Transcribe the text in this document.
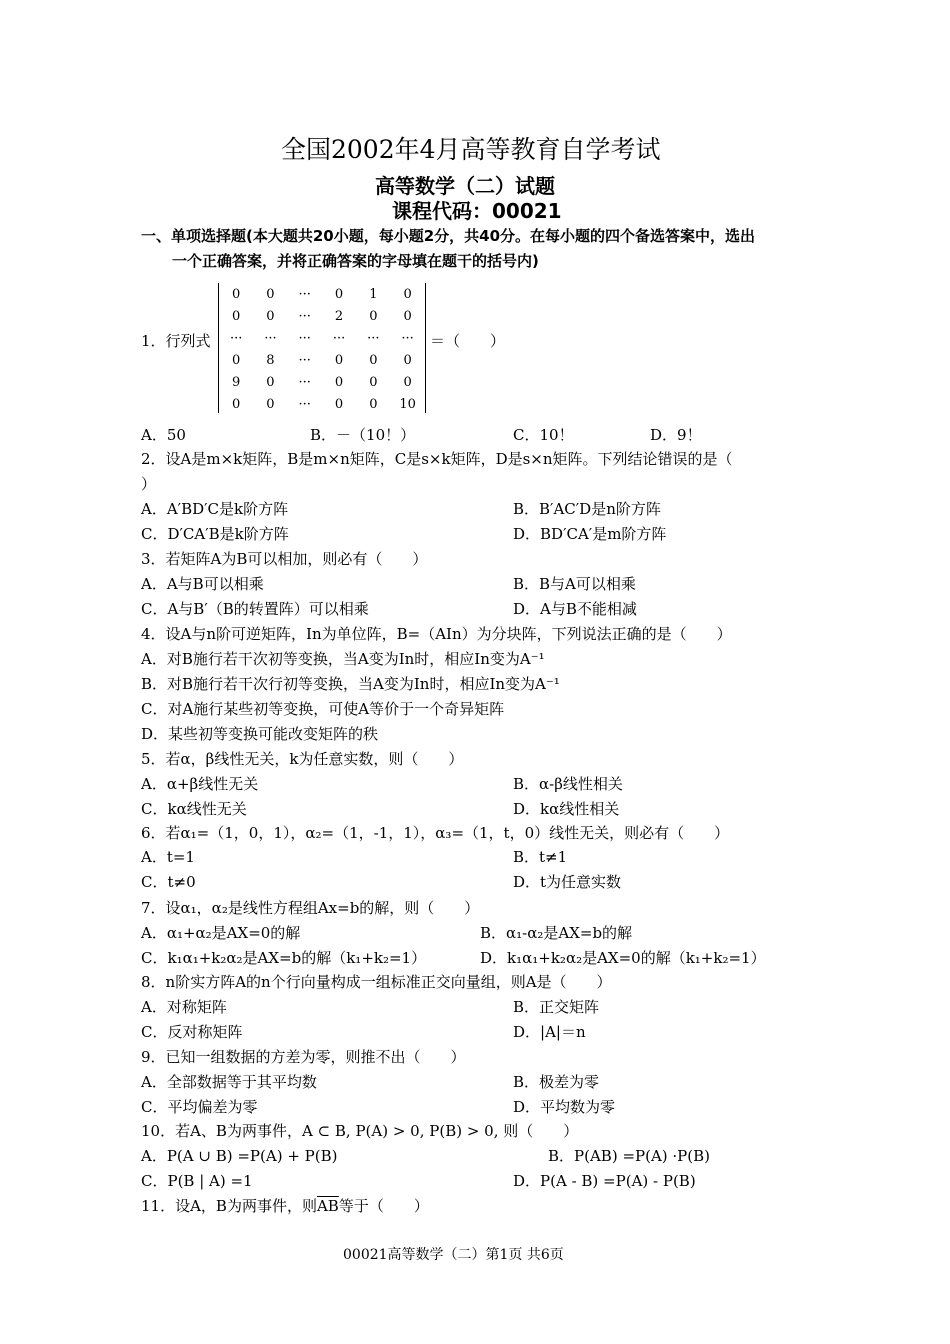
全国2002年4月高等教育自学考试
高等数学（二）试题
课程代码：00021
一、单项选择题(本大题共20小题，每小题2分，共40分。在每小题的四个备选答案中，选出
一个正确答案，并将正确答案的字母填在题干的括号内)
1．行列式
0	0	···	0	1	0
0	0	···	2	0	0
···	···	···	···	···	···
0	8	···	0	0	0
9	0	···	0	0	0
0	0	···	0	0	10
＝（　　）
A．50	B．－（10！）	C．10！	D．9！
2．设A是m×k矩阵，B是m×n矩阵，C是s×k矩阵，D是s×n矩阵。下列结论错误的是（
）
A．A′BD′C是k阶方阵	B．B′AC′D是n阶方阵
C．D′CA′B是k阶方阵	D．BD′CA′是m阶方阵
3．若矩阵A为B可以相加，则必有（　　）
A．A与B可以相乘	B．B与A可以相乘
C．A与B′（B的转置阵）可以相乘	D．A与B不能相减
4．设A与n阶可逆矩阵，In为单位阵，B=（AIn）为分块阵，下列说法正确的是（　　）
A．对B施行若干次初等变换，当A变为In时，相应In变为A⁻¹
B．对B施行若干次行初等变换，当A变为In时，相应In变为A⁻¹
C．对A施行某些初等变换，可使A等价于一个奇异矩阵
D．某些初等变换可能改变矩阵的秩
5．若α，β线性无关，k为任意实数，则（　　）
A．α+β线性无关	B．α-β线性相关
C．kα线性无关	D．kα线性相关
6．若α₁=（1，0，1），α₂=（1，-1，1），α₃=（1，t，0）线性无关，则必有（　　）
A．t=1	B．t≠1
C．t≠0	D．t为任意实数
7．设α₁，α₂是线性方程组Ax=b的解，则（　　）
A．α₁+α₂是AX=0的解	B．α₁-α₂是AX=b的解
C．k₁α₁+k₂α₂是AX=b的解（k₁+k₂=1）	D．k₁α₁+k₂α₂是AX=0的解（k₁+k₂=1）
8．n阶实方阵A的n个行向量构成一组标准正交向量组，则A是（　　）
A．对称矩阵	B．正交矩阵
C．反对称矩阵	D．|A|＝n
9．已知一组数据的方差为零，则推不出（　　）
A．全部数据等于其平均数	B．极差为零
C．平均偏差为零	D．平均数为零
10．若A、B为两事件，A ⊂ B, P(A) > 0, P(B) > 0, 则（　　）
A．P(A ∪ B) =P(A) + P(B)	B．P(AB) =P(A) ·P(B)
C．P(B | A) =1	D．P(A - B) =P(A) - P(B)
11．设A，B为两事件，则$\overline{AB}$等于（　　）
00021高等数学（二）第1页 共6页
